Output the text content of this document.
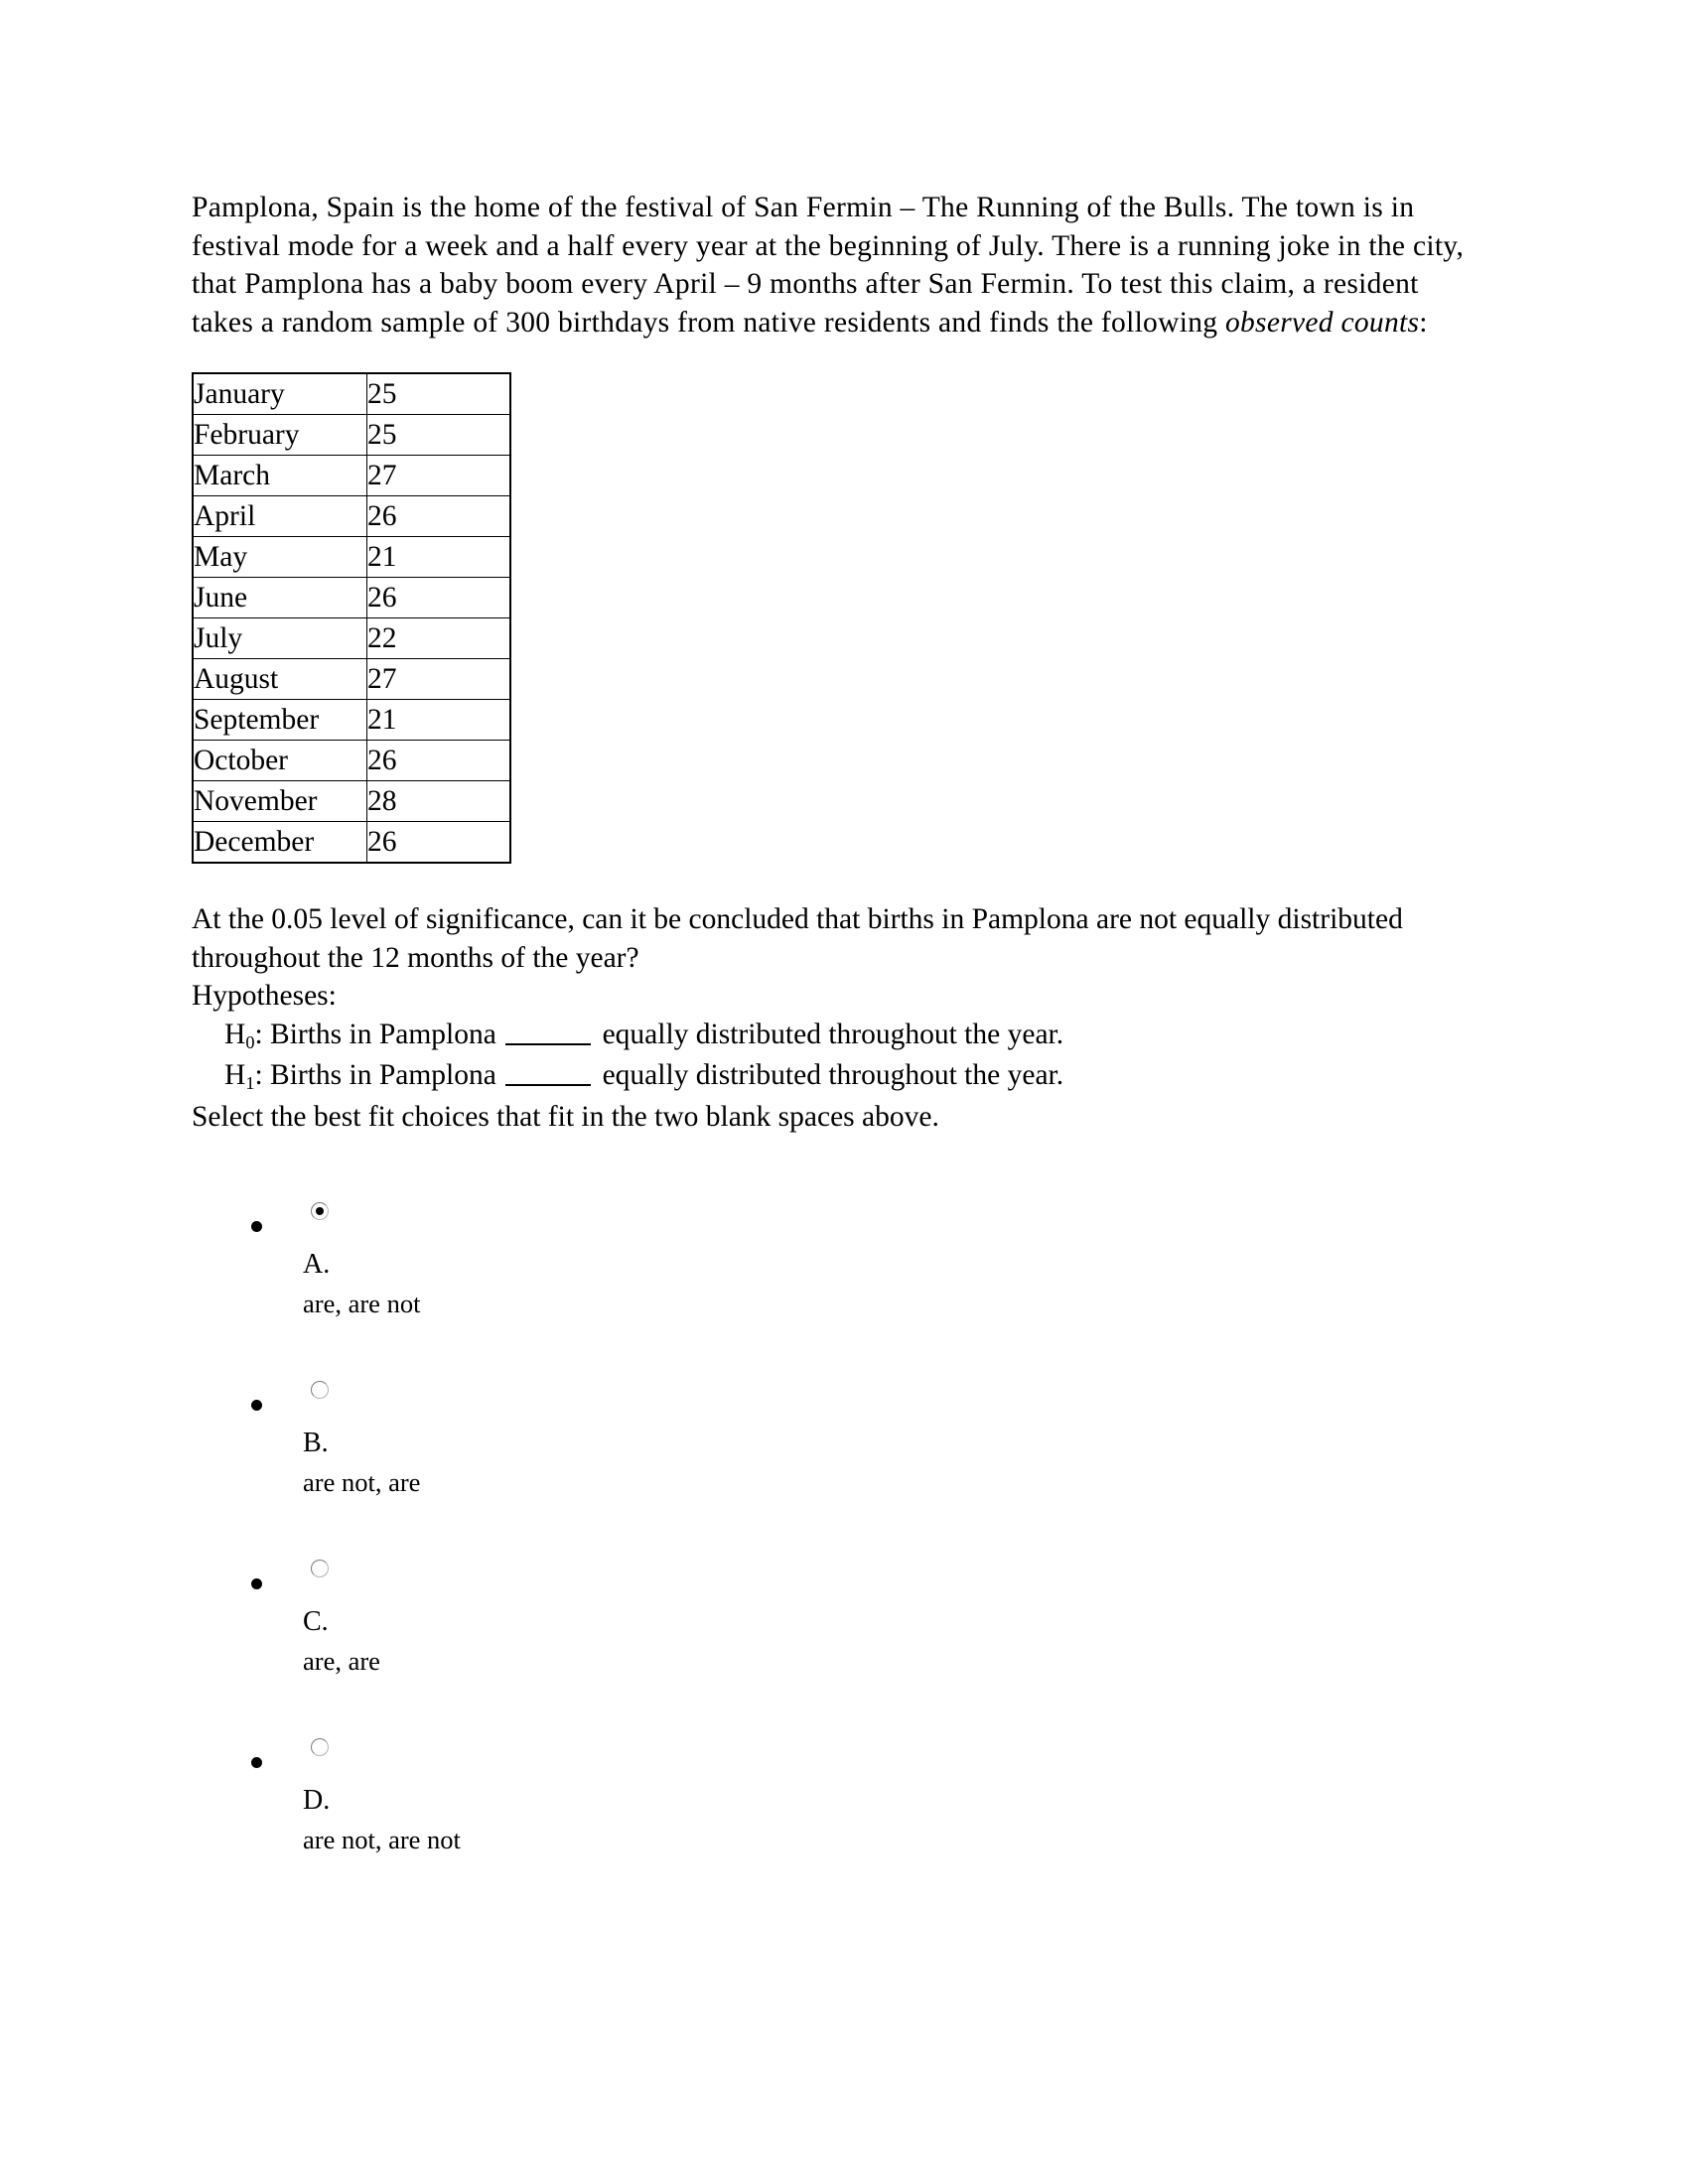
Pamplona, Spain is the home of the festival of San Fermin – The Running of the Bulls. The town is in festival mode for a week and a half every year at the beginning of July. There is a running joke in the city, that Pamplona has a baby boom every April – 9 months after San Fermin. To test this claim, a resident takes a random sample of 300 birthdays from native residents and finds the following observed counts:

January	25
February	25
March	27
April	26
May	21
June	26
July	22
August	27
September	21
October	26
November	28
December	26

At the 0.05 level of significance, can it be concluded that births in Pamplona are not equally distributed throughout the 12 months of the year?

Hypotheses:
$H_0$: Births in Pamplona	equally distributed throughout the year.
$H_1$: Births in Pamplona	equally distributed throughout the year.
Select the best fit choices that fit in the two blank spaces above.
A.
are, are not
B.
are not, are
C.
are, are
D.
are not, are not
